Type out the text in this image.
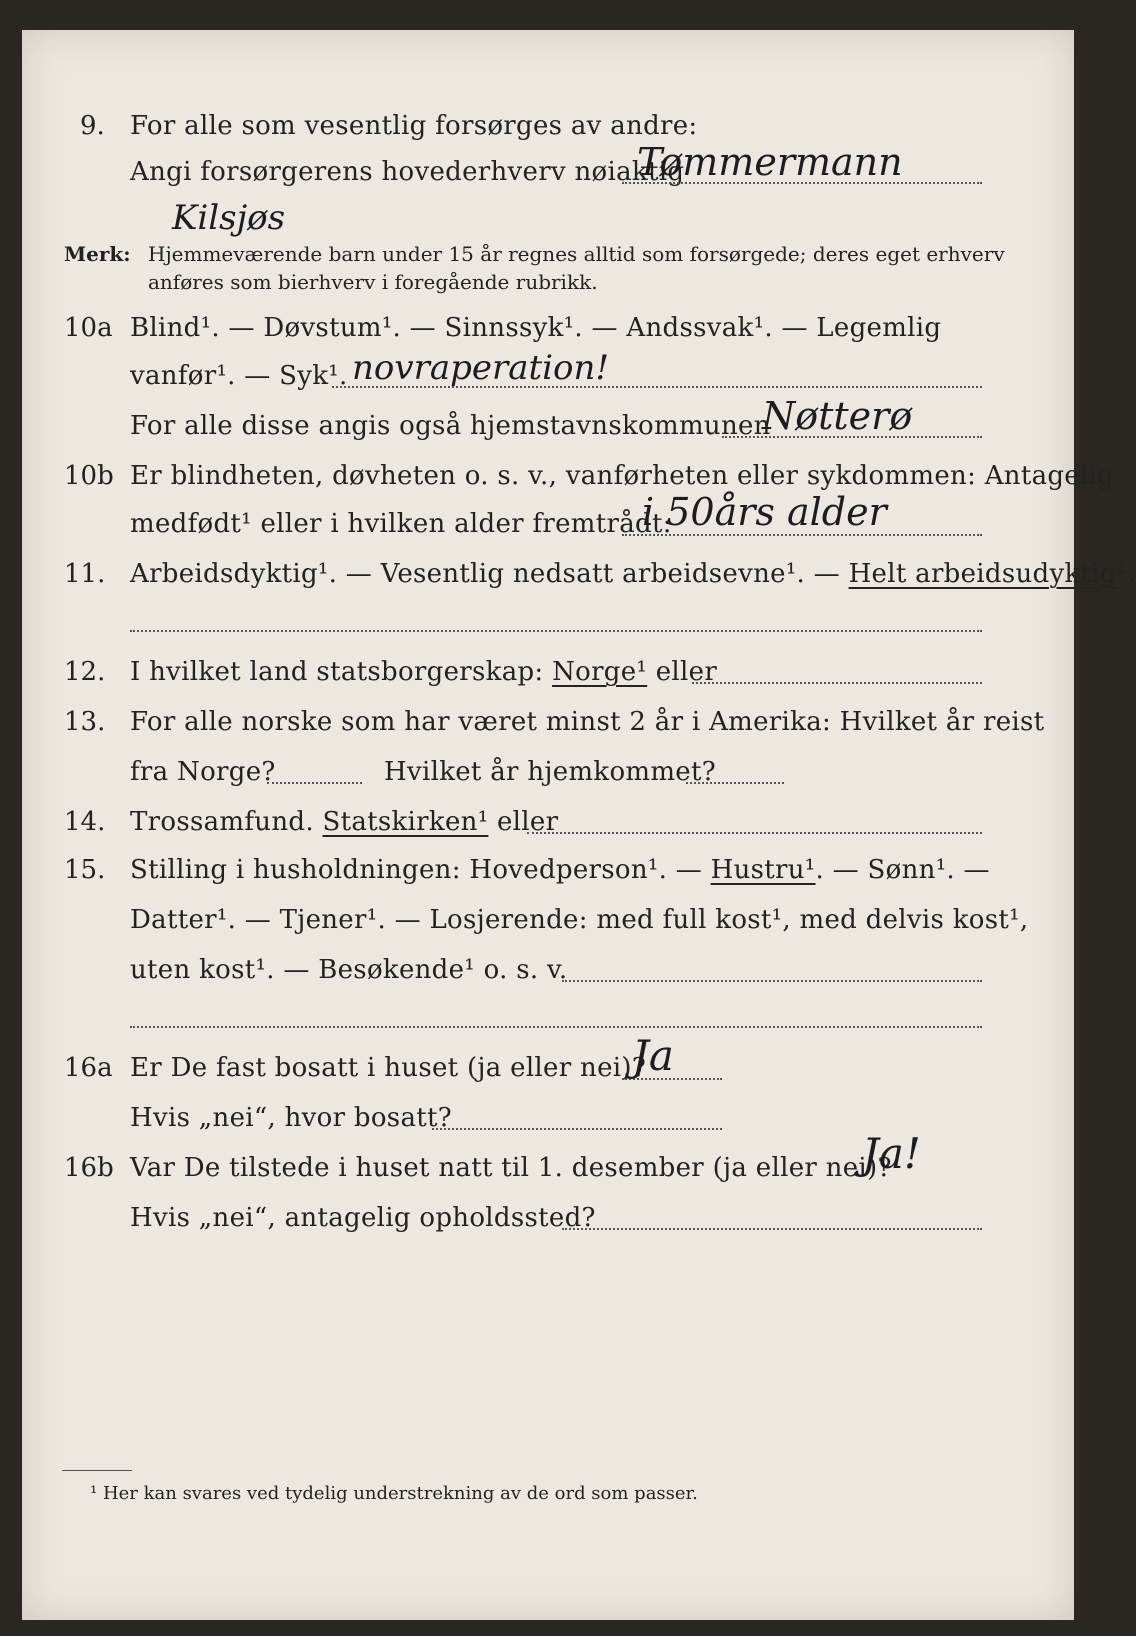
9. For alle som vesentlig forsørges av andre:
Angi forsørgerens hovederhverv nøiaktig
Tømmermann
Kilsjøs
Merk: Hjemmeværende barn under 15 år regnes alltid som forsørgede; deres eget erhverv
anføres som bierhverv i foregående rubrikk.
10a Blind¹. — Døvstum¹. — Sinnssyk¹. — Andssvak¹. — Legemlig
vanfør¹. — Syk¹. novraperation!
For alle disse angis også hjemstavnskommunen
Nøtterø
10b Er blindheten, døvheten o. s. v., vanførheten eller sykdommen: Antagelig
medfødt¹ eller i hvilken alder fremtrådt:
i 50års alder
11. Arbeidsdyktig¹. — Vesentlig nedsatt arbeidsevne¹. — Helt arbeidsudyktig¹.
12. I hvilket land statsborgerskap: Norge¹ eller
13. For alle norske som har været minst 2 år i Amerika: Hvilket år reist
fra Norge?	Hvilket år hjemkommet?
14. Trossamfund. Statskirken¹ eller
15. Stilling i husholdningen: Hovedperson¹. — Hustru¹. — Sønn¹. —
Datter¹. — Tjener¹. — Losjerende: med full kost¹, med delvis kost¹,
uten kost¹. — Besøkende¹ o. s. v.
16a Er De fast bosatt i huset (ja eller nei)?
Ja
Hvis „nei“, hvor bosatt?
16b Var De tilstede i huset natt til 1. desember (ja eller nei)?
Ja!
Hvis „nei“, antagelig opholdssted?
¹ Her kan svares ved tydelig understrekning av de ord som passer.
